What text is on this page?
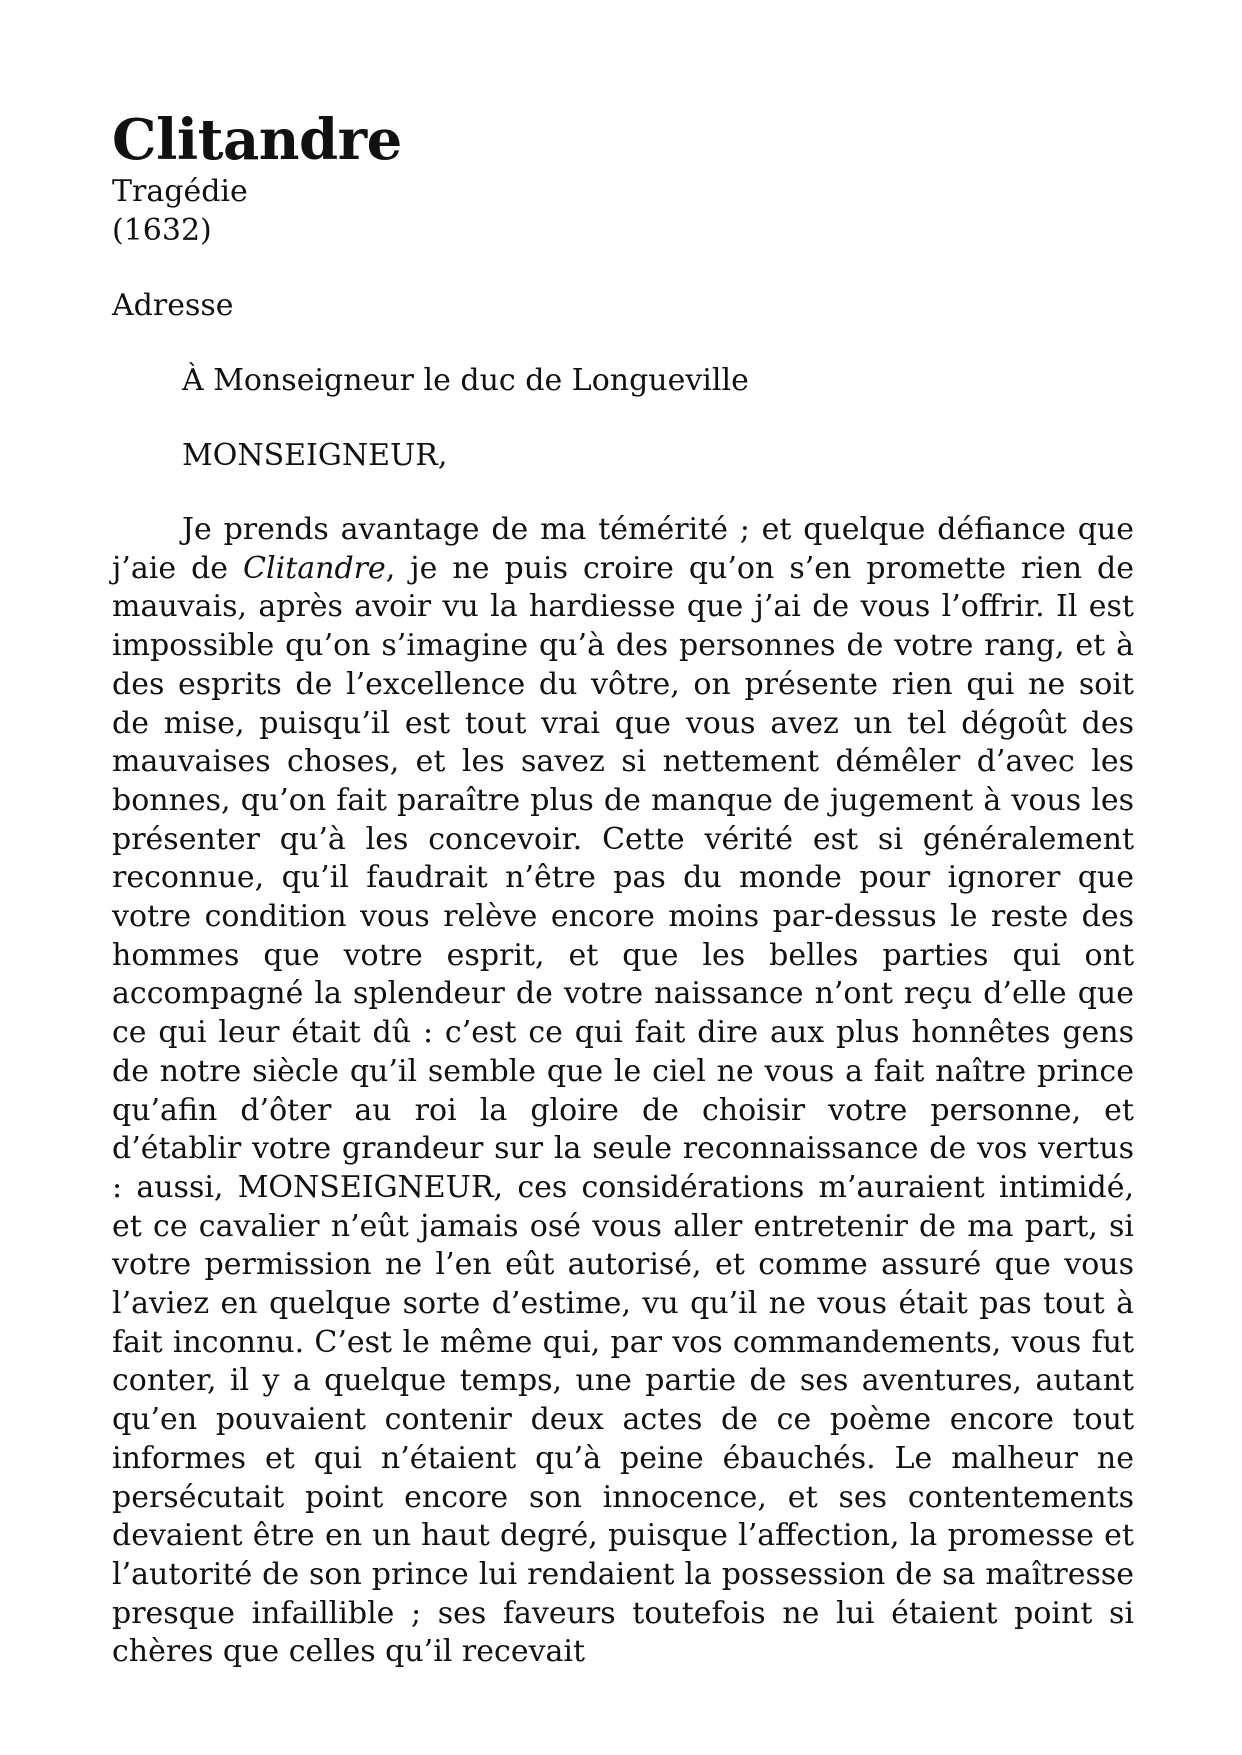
Clitandre

Tragédie

(1632)

Adresse

À Monseigneur le duc de Longueville

MONSEIGNEUR,

Je prends avantage de ma témérité ; et quelque défiance que j’aie de Clitandre, je ne puis croire qu’on s’en promette rien de mauvais, après avoir vu la hardiesse que j’ai de vous l’offrir. Il est impossible qu’on s’imagine qu’à des personnes de votre rang, et à des esprits de l’excellence du vôtre, on présente rien qui ne soit de mise, puisqu’il est tout vrai que vous avez un tel dégoût des mauvaises choses, et les savez si nettement démêler d’avec les bonnes, qu’on fait paraître plus de manque de jugement à vous les présenter qu’à les concevoir. Cette vérité est si généralement reconnue, qu’il faudrait n’être pas du monde pour ignorer que votre condition vous relève encore moins par-dessus le reste des hommes que votre esprit, et que les belles parties qui ont accompagné la splendeur de votre naissance n’ont reçu d’elle que ce qui leur était dû : c’est ce qui fait dire aux plus honnêtes gens de notre siècle qu’il semble que le ciel ne vous a fait naître prince qu’afin d’ôter au roi la gloire de choisir votre personne, et d’établir votre grandeur sur la seule reconnaissance de vos vertus : aussi, MONSEIGNEUR, ces considérations m’auraient intimidé, et ce cavalier n’eût jamais osé vous aller entretenir de ma part, si votre permission ne l’en eût autorisé, et comme assuré que vous l’aviez en quelque sorte d’estime, vu qu’il ne vous était pas tout à fait inconnu. C’est le même qui, par vos commandements, vous fut conter, il y a quelque temps, une partie de ses aventures, autant qu’en pouvaient contenir deux actes de ce poème encore tout informes et qui n’étaient qu’à peine ébauchés. Le malheur ne persécutait point encore son innocence, et ses contentements devaient être en un haut degré, puisque l’affection, la promesse et l’autorité de son prince lui rendaient la possession de sa maîtresse presque infaillible ; ses faveurs toutefois ne lui étaient point si chères que celles qu’il recevait
